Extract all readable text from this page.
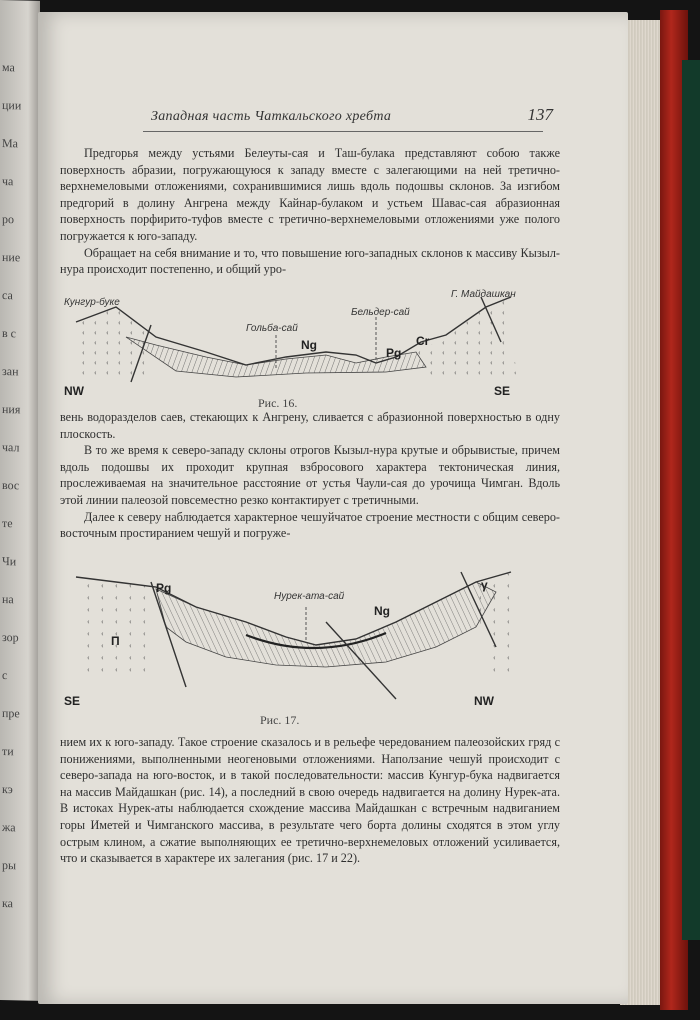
ма
ции
Ма
ча
ро
ние
са
в с
зан
ния
чал
вос
те
Чи
на
зор
с
пре
ти
кэ
жа
ры
ка
Западная часть Чаткальского хребта	137

Предгорья между устьями Белеуты-сая и Таш-булака представляют собою также поверхность абразии, погружающуюся к западу вместе с залегающими на ней третично-верхнемеловыми отложениями, сохранившимися лишь вдоль подошвы склонов. За изгибом предгорий в долину Ангрена между Кайнар-булаком и устьем Шавас-сая абразионная поверхность порфирито-туфов вместе с третично-верхнемеловыми отложениями уже полого погружается к юго-западу.

Обращает на себя внимание и то, что повышение юго-западных склонов к массиву Кызыл-нура происходит постепенно, и общий уро-

Кунгур-буке
Гольба-сай
Бельдер-сай
Г. Майдашкан
Ng
Pg
Cr
NW	SE
Рис. 16.

вень водоразделов саев, стекающих к Ангрену, сливается с абразионной поверхностью в одну плоскость.

В то же время к северо-западу склоны отрогов Кызыл-нура крутые и обрывистые, причем вдоль подошвы их проходит крупная взбросового характера тектоническая линия, прослеживаемая на значительное расстояние от устья Чаули-сая до урочища Чимган. Вдоль этой линии палеозой повсеместно резко контактирует с третичными.

Далее к северу наблюдается характерное чешуйчатое строение местности с общим северо-восточным простиранием чешуй и погруже-

Нурек-ата-сай
Pg
Ng
П
γ
SE	NW
Рис. 17.

нием их к юго-западу. Такое строение сказалось и в рельефе чередованием палеозойских гряд с понижениями, выполненными неогеновыми отложениями. Наползание чешуй происходит с северо-запада на юго-восток, и в такой последовательности: массив Кунгур-бука надвигается на массив Майдашкан (рис. 14), а последний в свою очередь надвигается на долину Нурек-ата. В истоках Нурек-аты наблюдается схождение массива Майдашкан с встречным надвиганием горы Иметей и Чимганского массива, в результате чего борта долины сходятся в этом углу острым клином, а сжатие выполняющих ее третично-верхнемеловых отложений усиливается, что и сказывается в характере их залегания (рис. 17 и 22).
